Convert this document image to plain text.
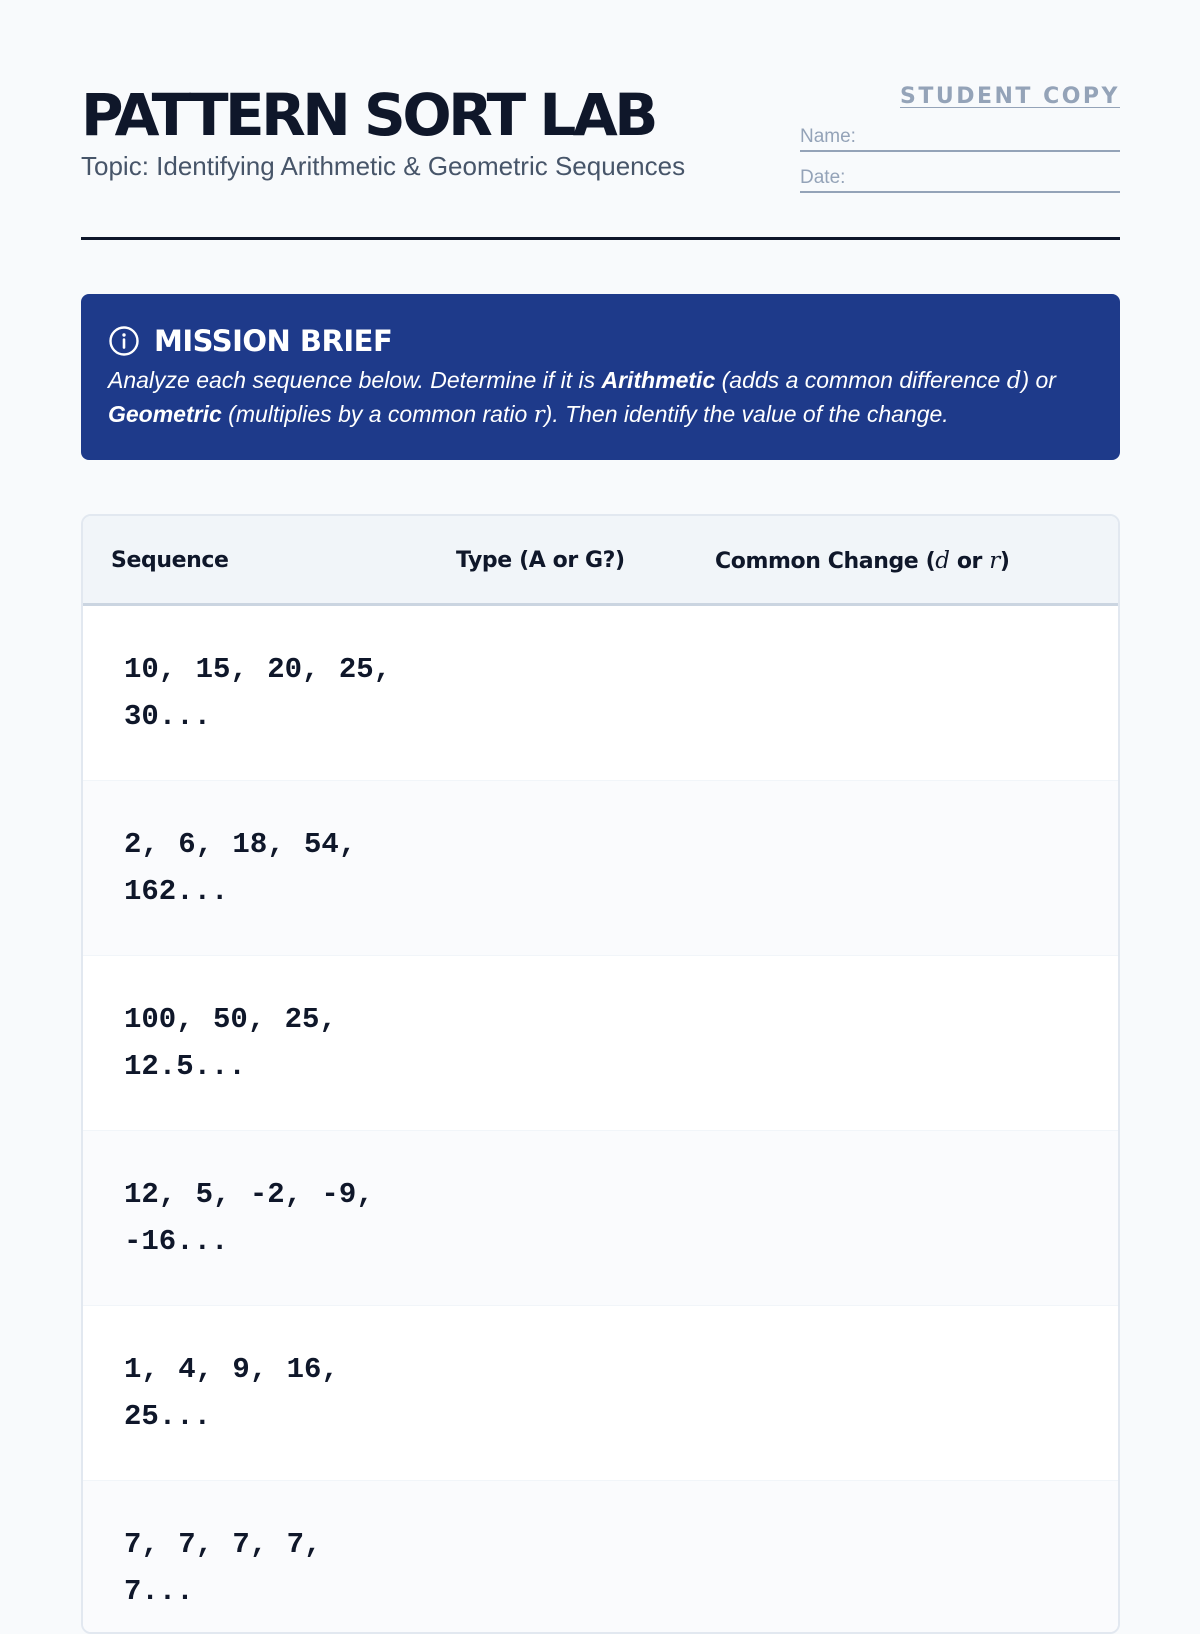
PATTERN SORT LAB
Topic: Identifying Arithmetic & Geometric Sequences
STUDENT COPY
Name:
Date:
MISSION BRIEF
Analyze each sequence below. Determine if it is Arithmetic (adds a common difference d) or Geometric (multiplies by a common ratio r). Then identify the value of the change.
Sequence	Type (A or G?)	Common Change (d or r)
10, 15, 20, 25, 30...
2, 6, 18, 54, 162...
100, 50, 25, 12.5...
12, 5, -2, -9, -16...
1, 4, 9, 16, 25...
7, 7, 7, 7, 7...
